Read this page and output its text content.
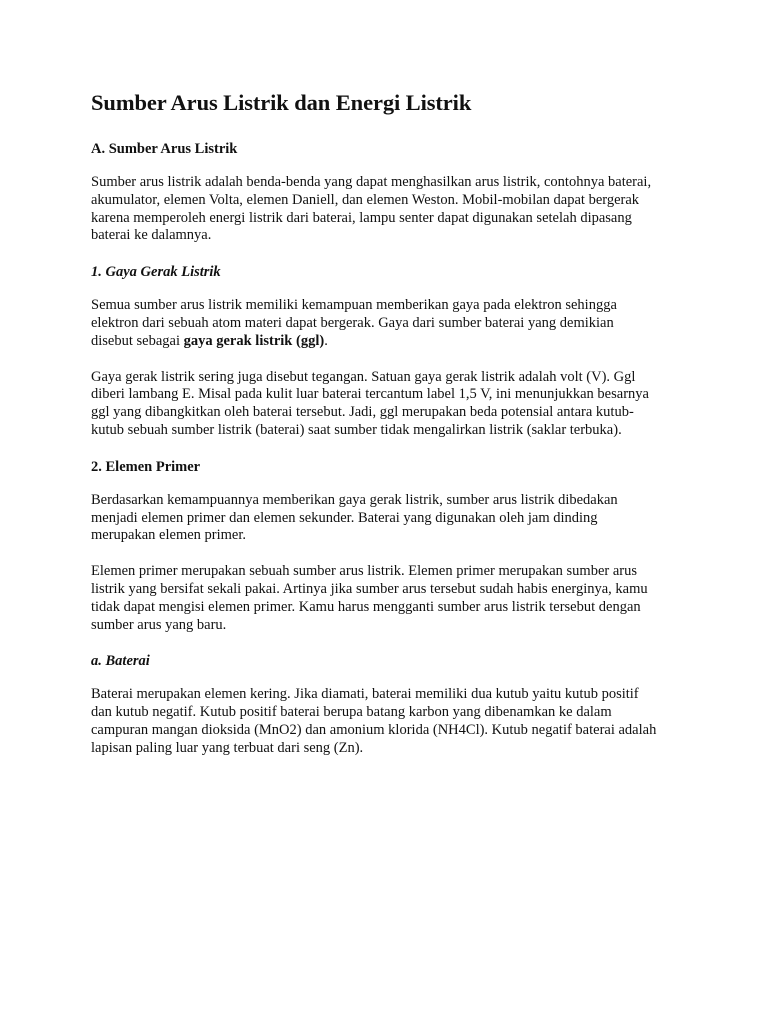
Sumber Arus Listrik dan Energi Listrik
A. Sumber Arus Listrik

Sumber arus listrik adalah benda-benda yang dapat menghasilkan arus listrik, contohnya baterai,
akumulator, elemen Volta, elemen Daniell, dan elemen Weston. Mobil-mobilan dapat bergerak
karena memperoleh energi listrik dari baterai, lampu senter dapat digunakan setelah dipasang
baterai ke dalamnya.

1. Gaya Gerak Listrik

Semua sumber arus listrik memiliki kemampuan memberikan gaya pada elektron sehingga
elektron dari sebuah atom materi dapat bergerak. Gaya dari sumber baterai yang demikian
disebut sebagai gaya gerak listrik (ggl).

Gaya gerak listrik sering juga disebut tegangan. Satuan gaya gerak listrik adalah volt (V). Ggl
diberi lambang E. Misal pada kulit luar baterai tercantum label 1,5 V, ini menunjukkan besarnya
ggl yang dibangkitkan oleh baterai tersebut. Jadi, ggl merupakan beda potensial antara kutub-
kutub sebuah sumber listrik (baterai) saat sumber tidak mengalirkan listrik (saklar terbuka).

2. Elemen Primer

Berdasarkan kemampuannya memberikan gaya gerak listrik, sumber arus listrik dibedakan
menjadi elemen primer dan elemen sekunder. Baterai yang digunakan oleh jam dinding
merupakan elemen primer.

Elemen primer merupakan sebuah sumber arus listrik. Elemen primer merupakan sumber arus
listrik yang bersifat sekali pakai. Artinya jika sumber arus tersebut sudah habis energinya, kamu
tidak dapat mengisi elemen primer. Kamu harus mengganti sumber arus listrik tersebut dengan
sumber arus yang baru.

a. Baterai

Baterai merupakan elemen kering. Jika diamati, baterai memiliki dua kutub yaitu kutub positif
dan kutub negatif. Kutub positif baterai berupa batang karbon yang dibenamkan ke dalam
campuran mangan dioksida (MnO2) dan amonium klorida (NH4Cl). Kutub negatif baterai adalah
lapisan paling luar yang terbuat dari seng (Zn).
